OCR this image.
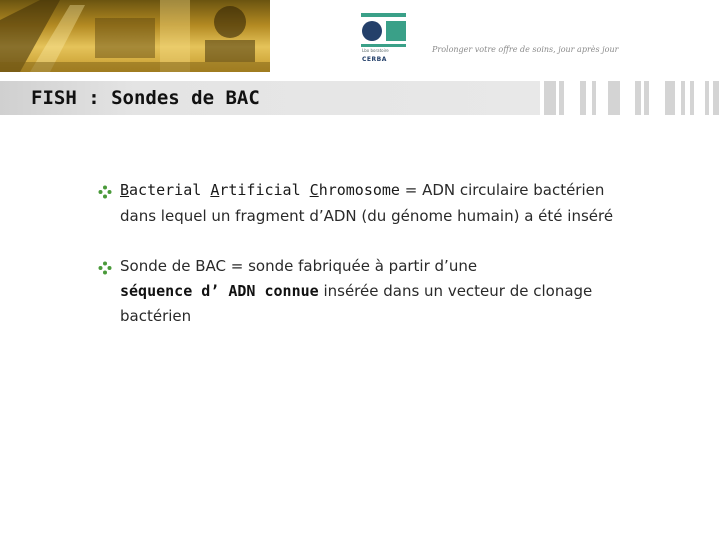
Lbo boratoire
CERBA
Prolonger votre offre de soins, jour après jour
FISH : Sondes de BAC
Bacterial Artificial Chromosome = ADN circulaire bactérien
dans lequel un fragment d’ADN (du génome humain) a été inséré
Sonde de BAC = sonde fabriquée à partir d’une
séquence d’ ADN connue insérée dans un vecteur de clonage
bactérien
